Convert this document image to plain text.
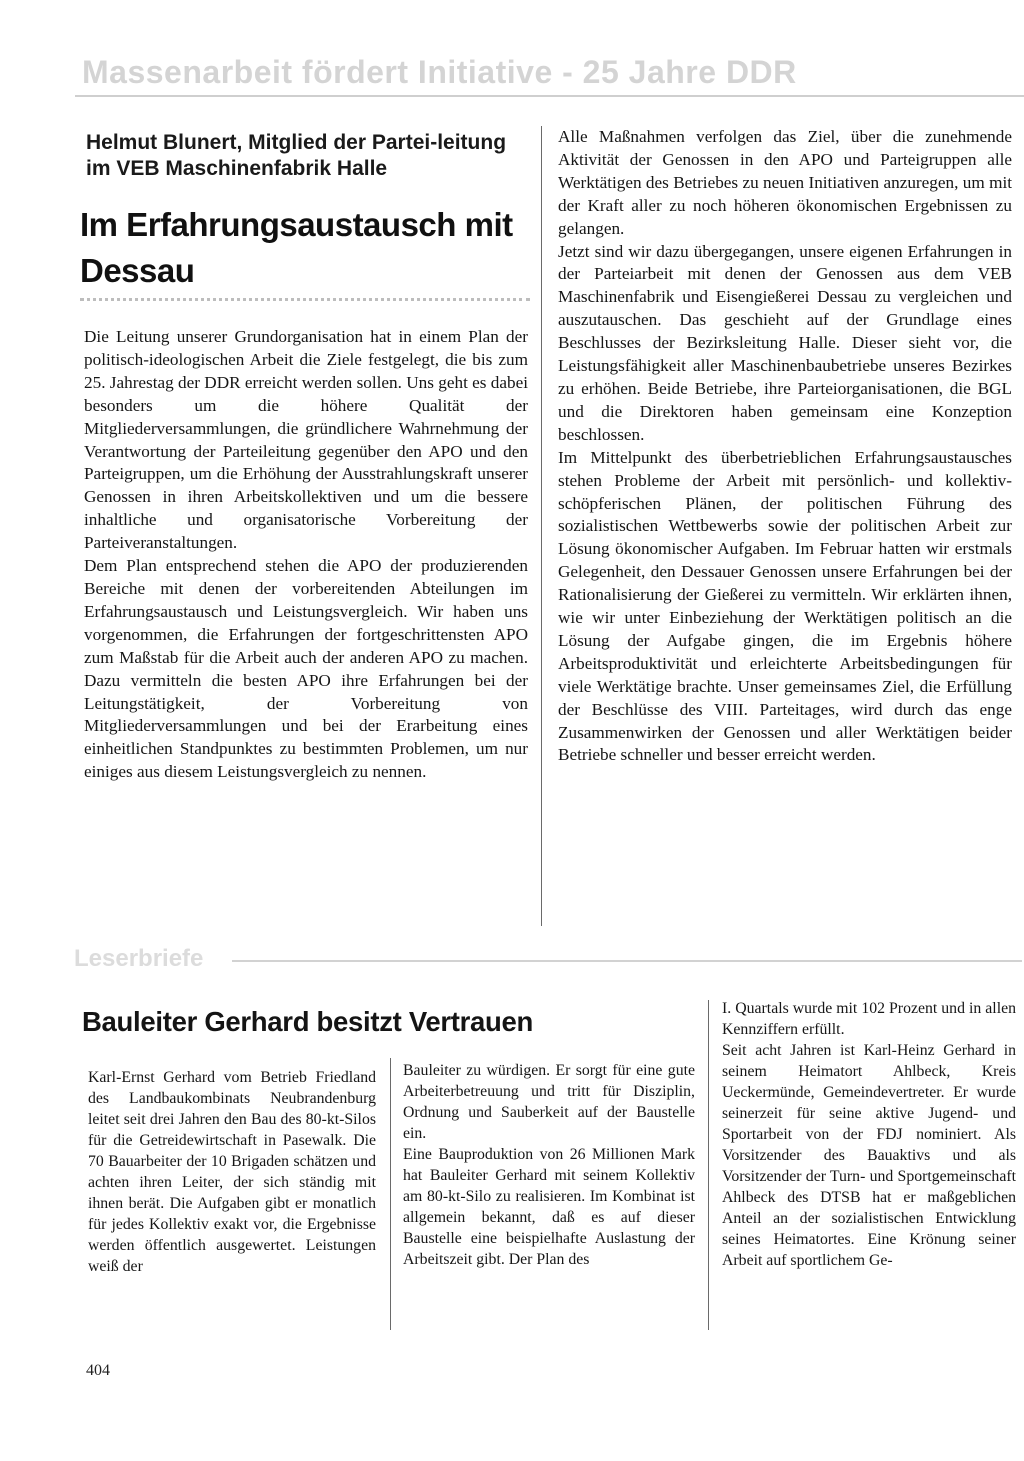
Massenarbeit fördert Initiative - 25 Jahre DDR
Helmut Blunert, Mitglied der Partei-leitung im VEB Maschinenfabrik Halle
Im Erfahrungsaustausch mit Dessau

Die Leitung unserer Grundorganisation hat in einem Plan der politisch-ideologischen Arbeit die Ziele festgelegt, die bis zum 25. Jahrestag der DDR erreicht werden sollen. Uns geht es dabei besonders um die höhere Qualität der Mitgliederversammlungen, die gründlichere Wahrnehmung der Verantwortung der Parteileitung gegenüber den APO und den Parteigruppen, um die Erhöhung der Ausstrahlungskraft unserer Genossen in ihren Arbeitskollektiven und um die bessere inhaltliche und organisatorische Vorbereitung der Parteiveranstaltungen.

Dem Plan entsprechend stehen die APO der produzierenden Bereiche mit denen der vorbereitenden Abteilungen im Erfahrungsaustausch und Leistungsvergleich. Wir haben uns vorgenommen, die Erfahrungen der fortgeschrittensten APO zum Maßstab für die Arbeit auch der anderen APO zu machen. Dazu vermitteln die besten APO ihre Erfahrungen bei der Leitungstätigkeit, der Vorbereitung von Mitgliederversammlungen und bei der Erarbeitung eines einheitlichen Standpunktes zu bestimmten Problemen, um nur einiges aus diesem Leistungsvergleich zu nennen.

Alle Maßnahmen verfolgen das Ziel, über die zunehmende Aktivität der Genossen in den APO und Parteigruppen alle Werktätigen des Betriebes zu neuen Initiativen anzuregen, um mit der Kraft aller zu noch höheren ökonomischen Ergebnissen zu gelangen.

Jetzt sind wir dazu übergegangen, unsere eigenen Erfahrungen in der Parteiarbeit mit denen der Genossen aus dem VEB Maschinenfabrik und Eisengießerei Dessau zu vergleichen und auszutauschen. Das geschieht auf der Grundlage eines Beschlusses der Bezirksleitung Halle. Dieser sieht vor, die Leistungsfähigkeit aller Maschinenbaubetriebe unseres Bezirkes zu erhöhen. Beide Betriebe, ihre Parteiorganisationen, die BGL und die Direktoren haben gemeinsam eine Konzeption beschlossen.

Im Mittelpunkt des überbetrieblichen Erfahrungsaustausches stehen Probleme der Arbeit mit persönlich- und kollektiv-schöpferischen Plänen, der politischen Führung des sozialistischen Wettbewerbs sowie der politischen Arbeit zur Lösung ökonomischer Aufgaben. Im Februar hatten wir erstmals Gelegenheit, den Dessauer Genossen unsere Erfahrungen bei der Rationalisierung der Gießerei zu vermitteln. Wir erklärten ihnen, wie wir unter Einbeziehung der Werktätigen politisch an die Lösung der Aufgabe gingen, die im Ergebnis höhere Arbeitsproduktivität und erleichterte Arbeitsbedingungen für viele Werktätige brachte. Unser gemeinsames Ziel, die Erfüllung der Beschlüsse des VIII. Parteitages, wird durch das enge Zusammenwirken der Genossen und aller Werktätigen beider Betriebe schneller und besser erreicht werden.

Leserbriefe
Bauleiter Gerhard besitzt Vertrauen

Karl-Ernst Gerhard vom Betrieb Friedland des Landbaukombinats Neubrandenburg leitet seit drei Jahren den Bau des 80-kt-Silos für die Getreidewirtschaft in Pasewalk. Die 70 Bauarbeiter der 10 Brigaden schätzen und achten ihren Leiter, der sich ständig mit ihnen berät. Die Aufgaben gibt er monatlich für jedes Kollektiv exakt vor, die Ergebnisse werden öffentlich ausgewertet. Leistungen weiß der

Bauleiter zu würdigen. Er sorgt für eine gute Arbeiterbetreuung und tritt für Disziplin, Ordnung und Sauberkeit auf der Baustelle ein.

Eine Bauproduktion von 26 Millionen Mark hat Bauleiter Gerhard mit seinem Kollektiv am 80-kt-Silo zu realisieren. Im Kombinat ist allgemein bekannt, daß es auf dieser Baustelle eine beispielhafte Auslastung der Arbeitszeit gibt. Der Plan des

I. Quartals wurde mit 102 Prozent und in allen Kennziffern erfüllt.

Seit acht Jahren ist Karl-Heinz Gerhard in seinem Heimatort Ahlbeck, Kreis Ueckermünde, Gemeindevertreter. Er wurde seinerzeit für seine aktive Jugend- und Sportarbeit von der FDJ nominiert. Als Vorsitzender des Bauaktivs und als Vorsitzender der Turn- und Sportgemeinschaft Ahlbeck des DTSB hat er maßgeblichen Anteil an der sozialistischen Entwicklung seines Heimatortes. Eine Krönung seiner Arbeit auf sportlichem Ge-

404
